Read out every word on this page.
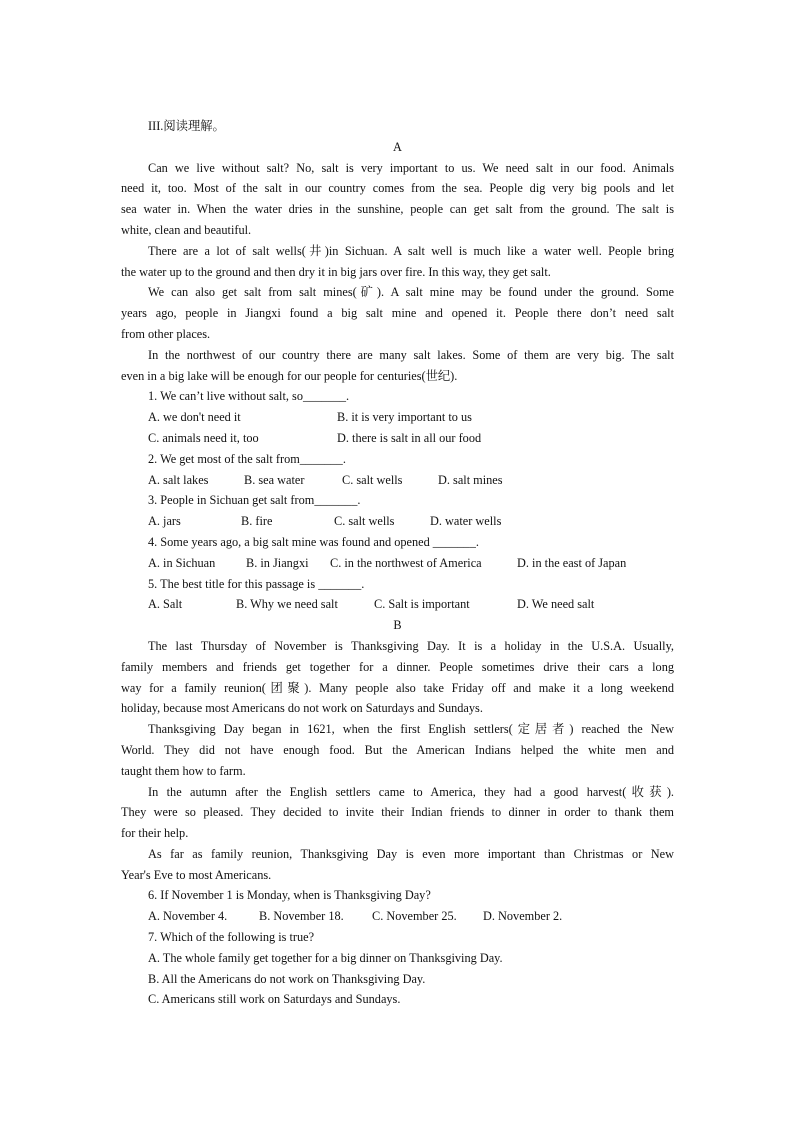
III.阅读理解。
A
Can we live without salt? No, salt is very important to us. We need salt in our food. Animals
need it, too. Most of the salt in our country comes from the sea. People dig very big pools and let
sea water in. When the water dries in the sunshine, people can get salt from the ground. The salt is
white, clean and beautiful.
There are a lot of salt wells(井)in Sichuan. A salt well is much like a water well. People bring
the water up to the ground and then dry it in big jars over fire. In this way, they get salt.
We can also get salt from salt mines(矿). A salt mine may be found under the ground. Some
years ago, people in Jiangxi found a big salt mine and opened it. People there don’t need salt
from other places.
In the northwest of our country there are many salt lakes. Some of them are very big. The salt
even in a big lake will be enough for our people for centuries(世纪).
1. We can’t live without salt, so_______.
A. we don't need it	B. it is very important to us
C. animals need it, too	D. there is salt in all our food
2. We get most of the salt from_______.
A. salt lakes	B. sea water	C. salt wells	D. salt mines
3. People in Sichuan get salt from_______.
A. jars	B. fire	C. salt wells	D. water wells
4. Some years ago, a big salt mine was found and opened _______.
A. in Sichuan	B. in Jiangxi	C. in the northwest of America	D. in the east of Japan
5. The best title for this passage is _______.
A. Salt	B. Why we need salt	C. Salt is important	D. We need salt
B
The last Thursday of November is Thanksgiving Day. It is a holiday in the U.S.A. Usually,
family members and friends get together for a dinner. People sometimes drive their cars a long
way for a family reunion(团聚). Many people also take Friday off and make it a long weekend
holiday, because most Americans do not work on Saturdays and Sundays.
Thanksgiving Day began in 1621, when the first English settlers(定居者) reached the New
World. They did not have enough food. But the American Indians helped the white men and
taught them how to farm.
In the autumn after the English settlers came to America, they had a good harvest(收获).
They were so pleased. They decided to invite their Indian friends to dinner in order to thank them
for their help.
As far as family reunion, Thanksgiving Day is even more important than Christmas or New
Year's Eve to most Americans.
6. If November 1 is Monday, when is Thanksgiving Day?
A. November 4.	B. November 18.	C. November 25.	D. November 2.
7. Which of the following is true?
A. The whole family get together for a big dinner on Thanksgiving Day.
B. All the Americans do not work on Thanksgiving Day.
C. Americans still work on Saturdays and Sundays.
